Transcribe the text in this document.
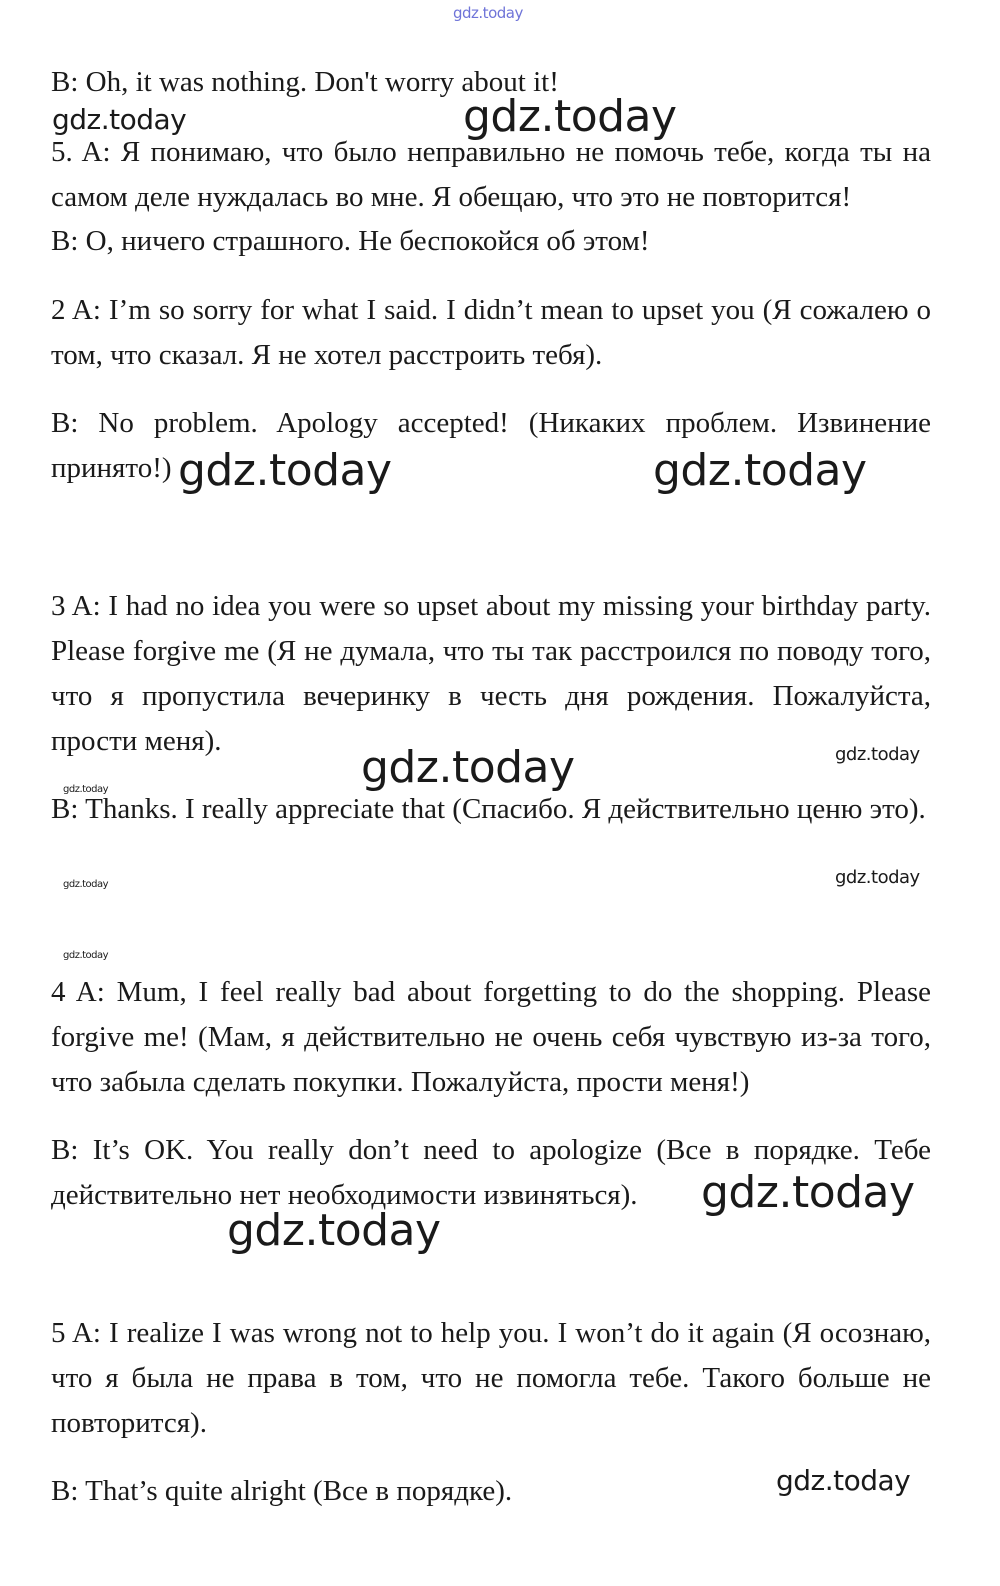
gdz.today

B: Oh, it was nothing. Don't worry about it!

5. A: Я понимаю, что было неправильно не помочь тебе, когда ты на самом деле нуждалась во мне. Я обещаю, что это не повторится!

B: О, ничего страшного. Не беспокойся об этом!

2 A: I’m so sorry for what I said. I didn’t mean to upset you (Я сожалею о том, что сказал. Я не хотел расстроить тебя).

B: No problem. Apology accepted! (Никаких проблем. Извинение принято!)

3 A: I had no idea you were so upset about my missing your birthday party. Please forgive me (Я не думала, что ты так расстроился по поводу того, что я пропустила вечеринку в честь дня рождения. Пожалуйста, прости меня).

B: Thanks. I really appreciate that (Спасибо. Я действительно ценю это).

4 A: Mum, I feel really bad about forgetting to do the shopping. Please forgive me! (Мам, я действительно не очень себя чувствую из-за того, что забыла сделать покупки. Пожалуйста, прости меня!)

B: It’s OK. You really don’t need to apologize (Все в порядке. Тебе действительно нет необходимости извиняться).

5 A: I realize I was wrong not to help you. I won’t do it again (Я осознаю, что я была не права в том, что не помогла тебе. Такого больше не повторится).

B: That’s quite alright (Все в порядке).

gdz.today	gdz.today
gdz.today	gdz.today
gdz.today	gdz.today
gdz.today
gdz.today
gdz.today
gdz.today
gdz.today
gdz.today
gdz.today
